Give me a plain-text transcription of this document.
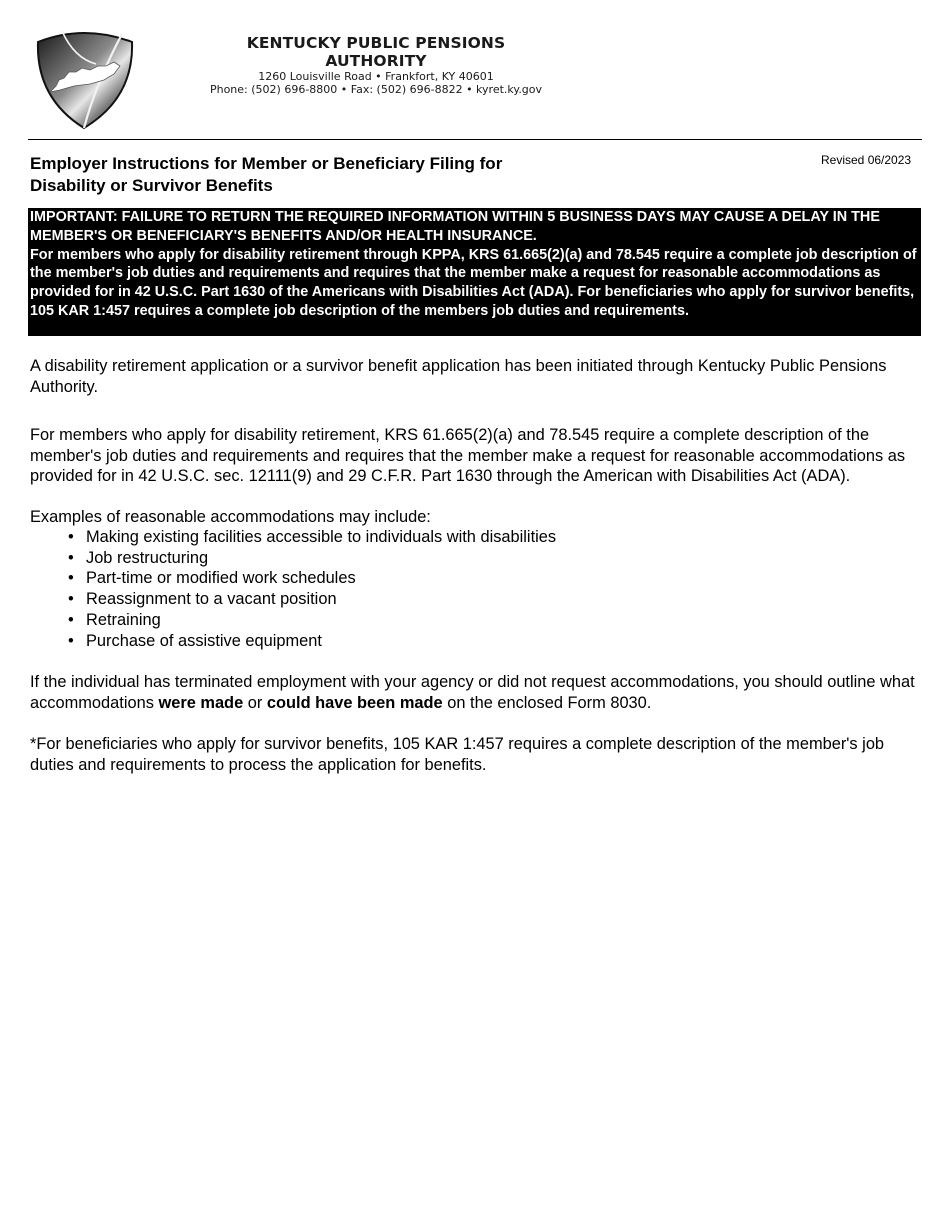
KENTUCKY PUBLIC PENSIONS AUTHORITY
1260 Louisville Road • Frankfort, KY 40601
Phone: (502) 696-8800 • Fax: (502) 696-8822 • kyret.ky.gov
Employer Instructions for Member or Beneficiary Filing for
Disability or Survivor Benefits
Revised 06/2023

IMPORTANT: FAILURE TO RETURN THE REQUIRED INFORMATION WITHIN 5 BUSINESS DAYS MAY CAUSE A DELAY IN THE MEMBER'S OR BENEFICIARY'S BENEFITS AND/OR HEALTH INSURANCE.

For members who apply for disability retirement through KPPA, KRS 61.665(2)(a) and 78.545 require a complete job description of the member's job duties and requirements and requires that the member make a request for reasonable accommodations as provided for in 42 U.S.C. Part 1630 of the Americans with Disabilities Act (ADA). For beneficiaries who apply for survivor benefits, 105 KAR 1:457 requires a complete job description of the members job duties and requirements.

A disability retirement application or a survivor benefit application has been initiated through Kentucky Public Pensions Authority.

For members who apply for disability retirement, KRS 61.665(2)(a) and 78.545 require a complete description of the member's job duties and requirements and requires that the member make a request for reasonable accommodations as provided for in 42 U.S.C. sec. 12111(9) and 29 C.F.R. Part 1630 through the American with Disabilities Act (ADA).

Examples of reasonable accommodations may include:

• Making existing facilities accessible to individuals with disabilities
• Job restructuring
• Part-time or modified work schedules
• Reassignment to a vacant position
• Retraining
• Purchase of assistive equipment

If the individual has terminated employment with your agency or did not request accommodations, you should outline what accommodations were made or could have been made on the enclosed Form 8030.

*For beneficiaries who apply for survivor benefits, 105 KAR 1:457 requires a complete description of the member's job duties and requirements to process the application for benefits.
